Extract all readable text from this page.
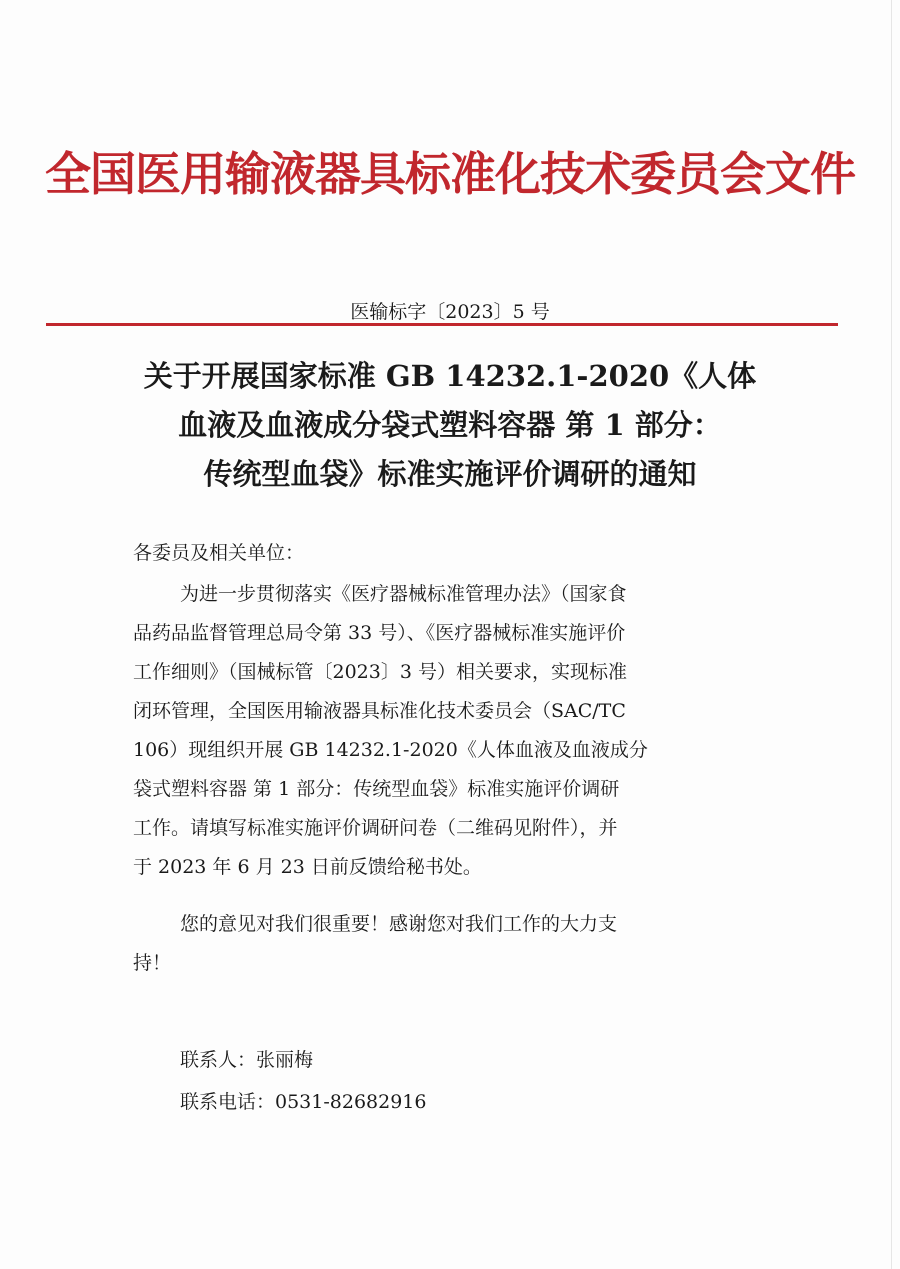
全国医用输液器具标准化技术委员会文件
医输标字〔2023〕5 号
关于开展国家标准 GB 14232.1-2020《人体
血液及血液成分袋式塑料容器 第 1 部分：
传统型血袋》标准实施评价调研的通知
各委员及相关单位：
为进一步贯彻落实《医疗器械标准管理办法》（国家食
品药品监督管理总局令第 33 号）、《医疗器械标准实施评价
工作细则》（国械标管〔2023〕3 号）相关要求，实现标准
闭环管理，全国医用输液器具标准化技术委员会（SAC/TC
106）现组织开展 GB 14232.1-2020《人体血液及血液成分
袋式塑料容器 第 1 部分：传统型血袋》标准实施评价调研
工作。请填写标准实施评价调研问卷（二维码见附件），并
于 2023 年 6 月 23 日前反馈给秘书处。
您的意见对我们很重要！感谢您对我们工作的大力支
持！
联系人：张丽梅
联系电话：0531-82682916
